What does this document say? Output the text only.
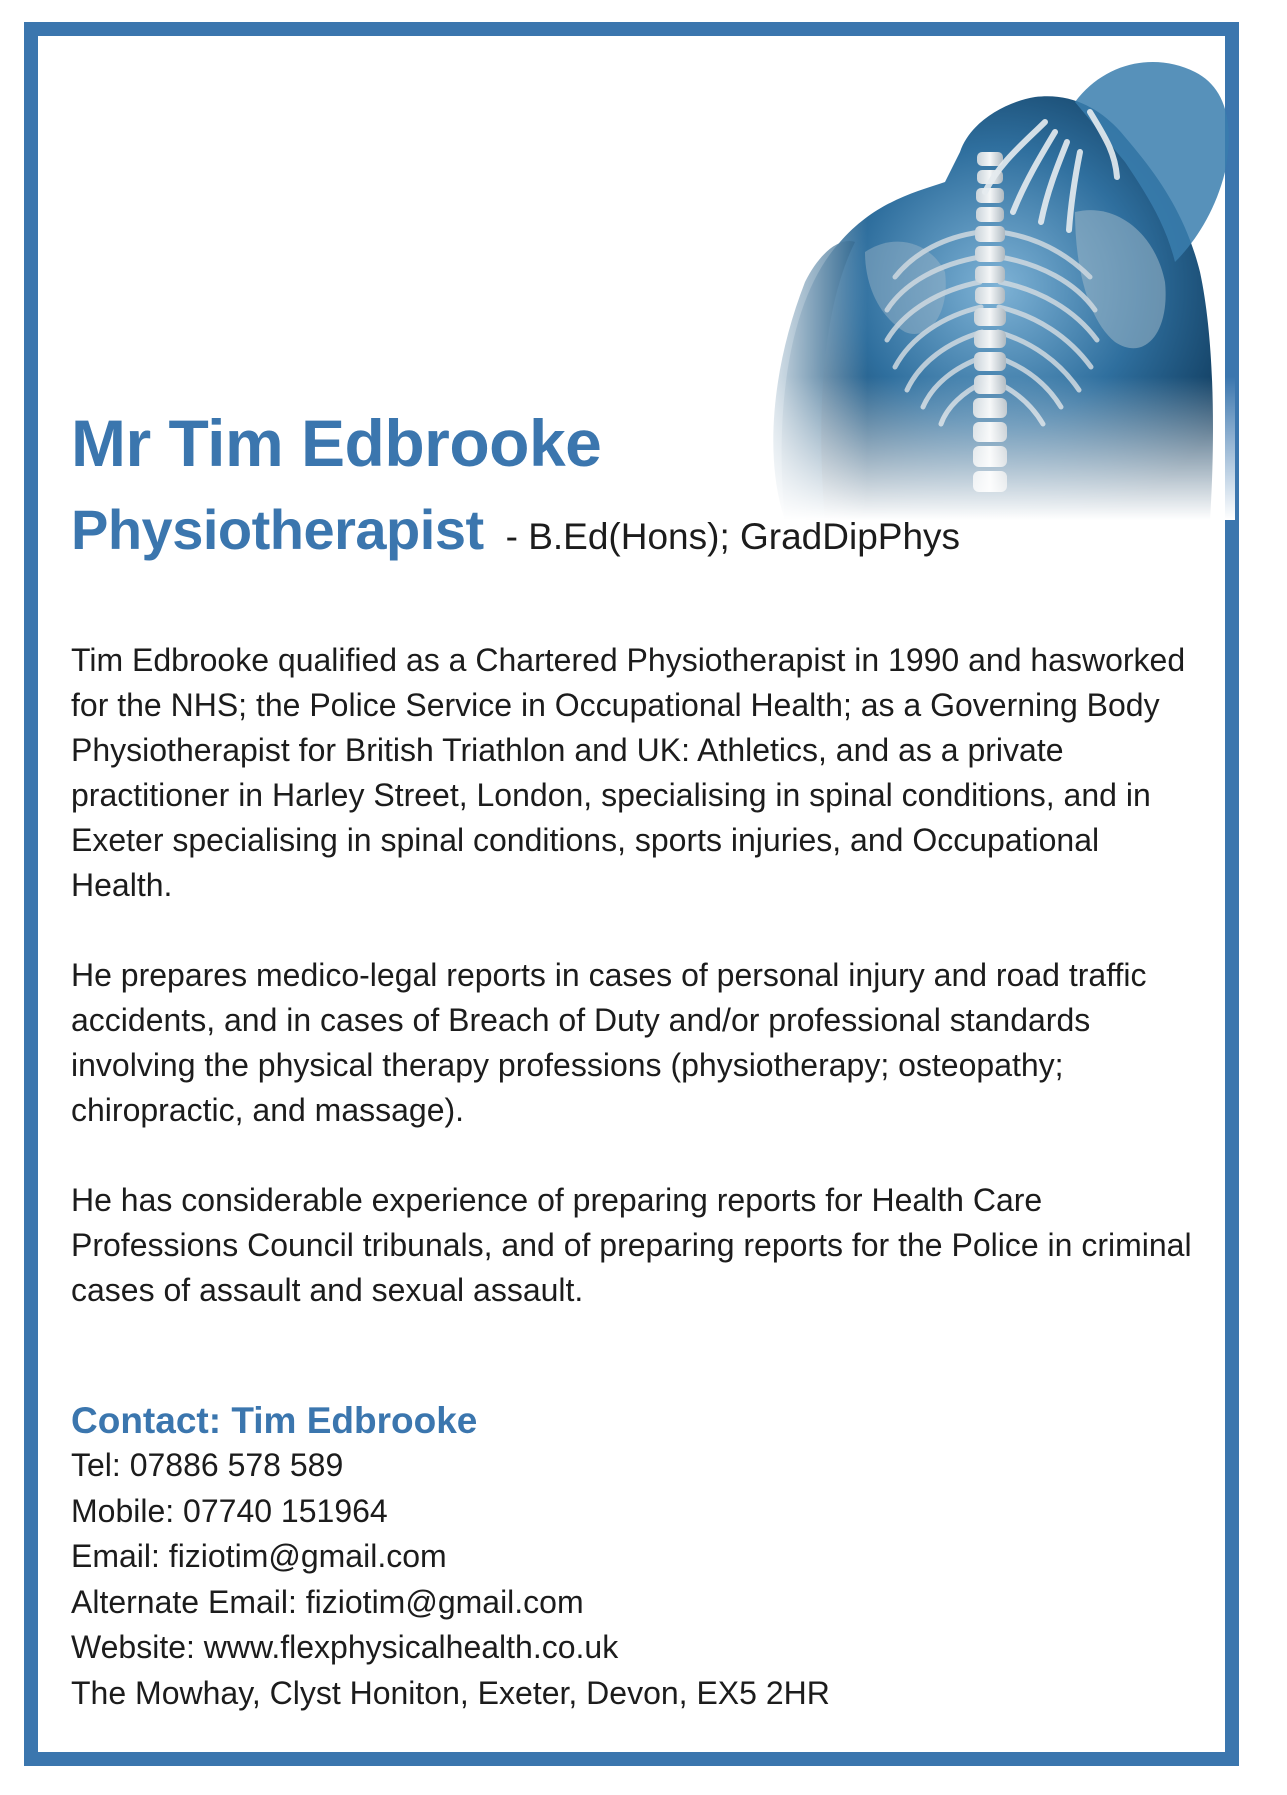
Mr Tim Edbrooke
Physiotherapist - B.Ed(Hons); GradDipPhys

Tim Edbrooke qualified as a Chartered Physiotherapist in 1990 and hasworked for the NHS; the Police Service in Occupational Health; as a Governing Body Physiotherapist for British Triathlon and UK: Athletics, and as a private practitioner in Harley Street, London, specialising in spinal conditions, and in Exeter specialising in spinal conditions, sports injuries, and Occupational Health.

He prepares medico-legal reports in cases of personal injury and road traffic accidents, and in cases of Breach of Duty and/or professional standards involving the physical therapy professions (physiotherapy; osteopathy; chiropractic, and massage).

He has considerable experience of preparing reports for Health Care Professions Council tribunals, and of preparing reports for the Police in criminal cases of assault and sexual assault.

Contact: Tim Edbrooke

Tel: 07886 578 589

Mobile: 07740 151964

Email: fiziotim@gmail.com

Alternate Email: fiziotim@gmail.com

Website: www.flexphysicalhealth.co.uk

The Mowhay, Clyst Honiton, Exeter, Devon, EX5 2HR
